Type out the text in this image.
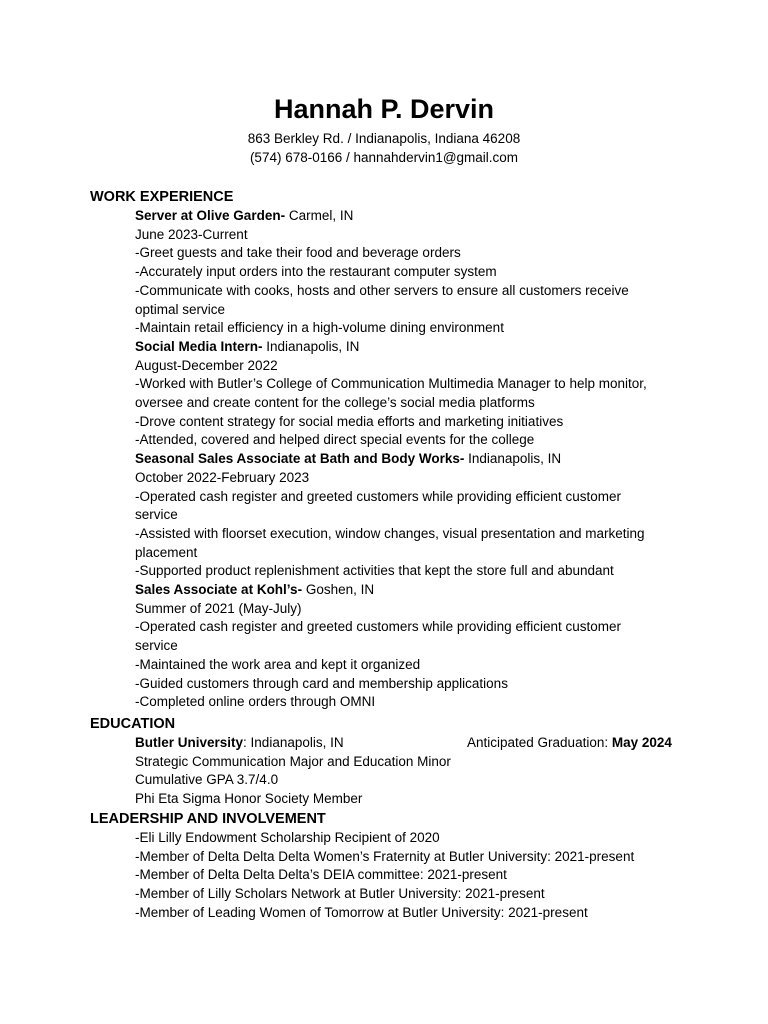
Hannah P. Dervin
863 Berkley Rd. / Indianapolis, Indiana 46208
(574) 678-0166 / hannahdervin1@gmail.com
WORK EXPERIENCE
Server at Olive Garden- Carmel, IN
June 2023-Current
-Greet guests and take their food and beverage orders
-Accurately input orders into the restaurant computer system
-Communicate with cooks, hosts and other servers to ensure all customers receive
optimal service
-Maintain retail efficiency in a high-volume dining environment
Social Media Intern- Indianapolis, IN
August-December 2022
-Worked with Butler’s College of Communication Multimedia Manager to help monitor,
oversee and create content for the college’s social media platforms
-Drove content strategy for social media efforts and marketing initiatives
-Attended, covered and helped direct special events for the college
Seasonal Sales Associate at Bath and Body Works- Indianapolis, IN
October 2022-February 2023
-Operated cash register and greeted customers while providing efficient customer
service
-Assisted with floorset execution, window changes, visual presentation and marketing
placement
-Supported product replenishment activities that kept the store full and abundant
Sales Associate at Kohl’s- Goshen, IN
Summer of 2021 (May-July)
-Operated cash register and greeted customers while providing efficient customer
service
-Maintained the work area and kept it organized
-Guided customers through card and membership applications
-Completed online orders through OMNI
EDUCATION
Butler University: Indianapolis, IN	Anticipated Graduation: May 2024
Strategic Communication Major and Education Minor
Cumulative GPA 3.7/4.0
Phi Eta Sigma Honor Society Member
LEADERSHIP AND INVOLVEMENT
-Eli Lilly Endowment Scholarship Recipient of 2020
-Member of Delta Delta Delta Women’s Fraternity at Butler University: 2021-present
-Member of Delta Delta Delta’s DEIA committee: 2021-present
-Member of Lilly Scholars Network at Butler University: 2021-present
-Member of Leading Women of Tomorrow at Butler University: 2021-present
